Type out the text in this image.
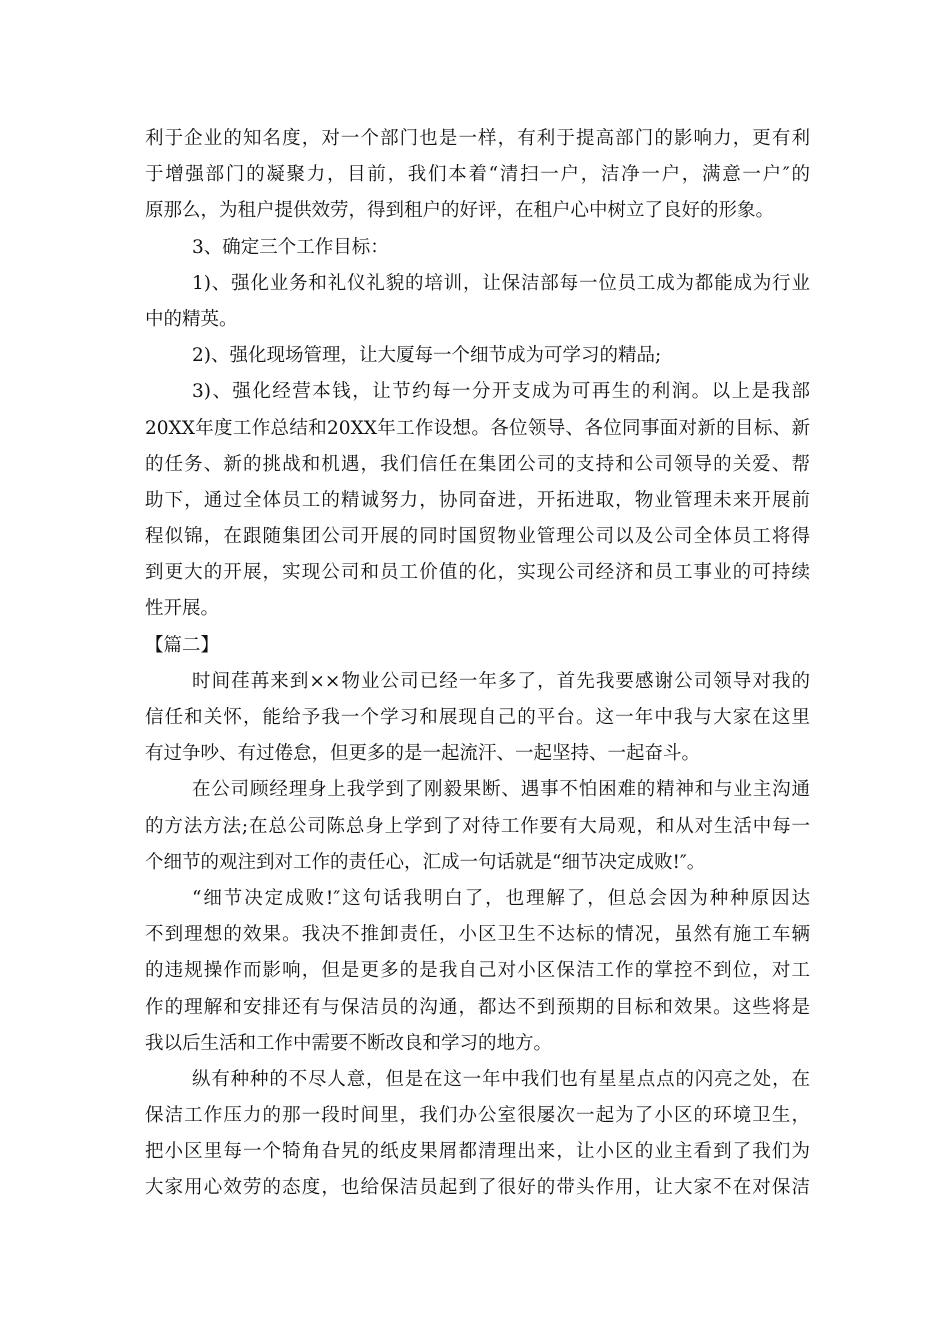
利于企业的知名度，对一个部门也是一样，有利于提高部门的影响力，更有利
于增强部门的凝聚力，目前，我们本着“清扫一户，洁净一户，满意一户″的
原那么，为租户提供效劳，得到租户的好评，在租户心中树立了良好的形象。
3、确定三个工作目标：
1)、强化业务和礼仪礼貌的培训，让保洁部每一位员工成为都能成为行业
中的精英。
2)、强化现场管理，让大厦每一个细节成为可学习的精品;
3)、强化经营本钱，让节约每一分开支成为可再生的利润。以上是我部
20XX年度工作总结和20XX年工作设想。各位领导、各位同事面对新的目标、新
的任务、新的挑战和机遇，我们信任在集团公司的支持和公司领导的关爱、帮
助下，通过全体员工的精诚努力，协同奋进，开拓进取，物业管理未来开展前
程似锦，在跟随集团公司开展的同时国贸物业管理公司以及公司全体员工将得
到更大的开展，实现公司和员工价值的化，实现公司经济和员工事业的可持续
性开展。
【篇二】
时间荏苒来到××物业公司已经一年多了，首先我要感谢公司领导对我的
信任和关怀，能给予我一个学习和展现自己的平台。这一年中我与大家在这里
有过争吵、有过倦怠，但更多的是一起流汗、一起坚持、一起奋斗。
在公司顾经理身上我学到了刚毅果断、遇事不怕困难的精神和与业主沟通
的方法方法;在总公司陈总身上学到了对待工作要有大局观，和从对生活中每一
个细节的观注到对工作的责任心，汇成一句话就是“细节决定成败!″。
“细节决定成败!″这句话我明白了，也理解了，但总会因为种种原因达
不到理想的效果。我决不推卸责任，小区卫生不达标的情况，虽然有施工车辆
的违规操作而影响，但是更多的是我自己对小区保洁工作的掌控不到位，对工
作的理解和安排还有与保洁员的沟通，都达不到预期的目标和效果。这些将是
我以后生活和工作中需要不断改良和学习的地方。
纵有种种的不尽人意，但是在这一年中我们也有星星点点的闪亮之处，在
保洁工作压力的那一段时间里，我们办公室很屡次一起为了小区的环境卫生，
把小区里每一个犄角旮旯的纸皮果屑都清理出来，让小区的业主看到了我们为
大家用心效劳的态度，也给保洁员起到了很好的带头作用，让大家不在对保洁
